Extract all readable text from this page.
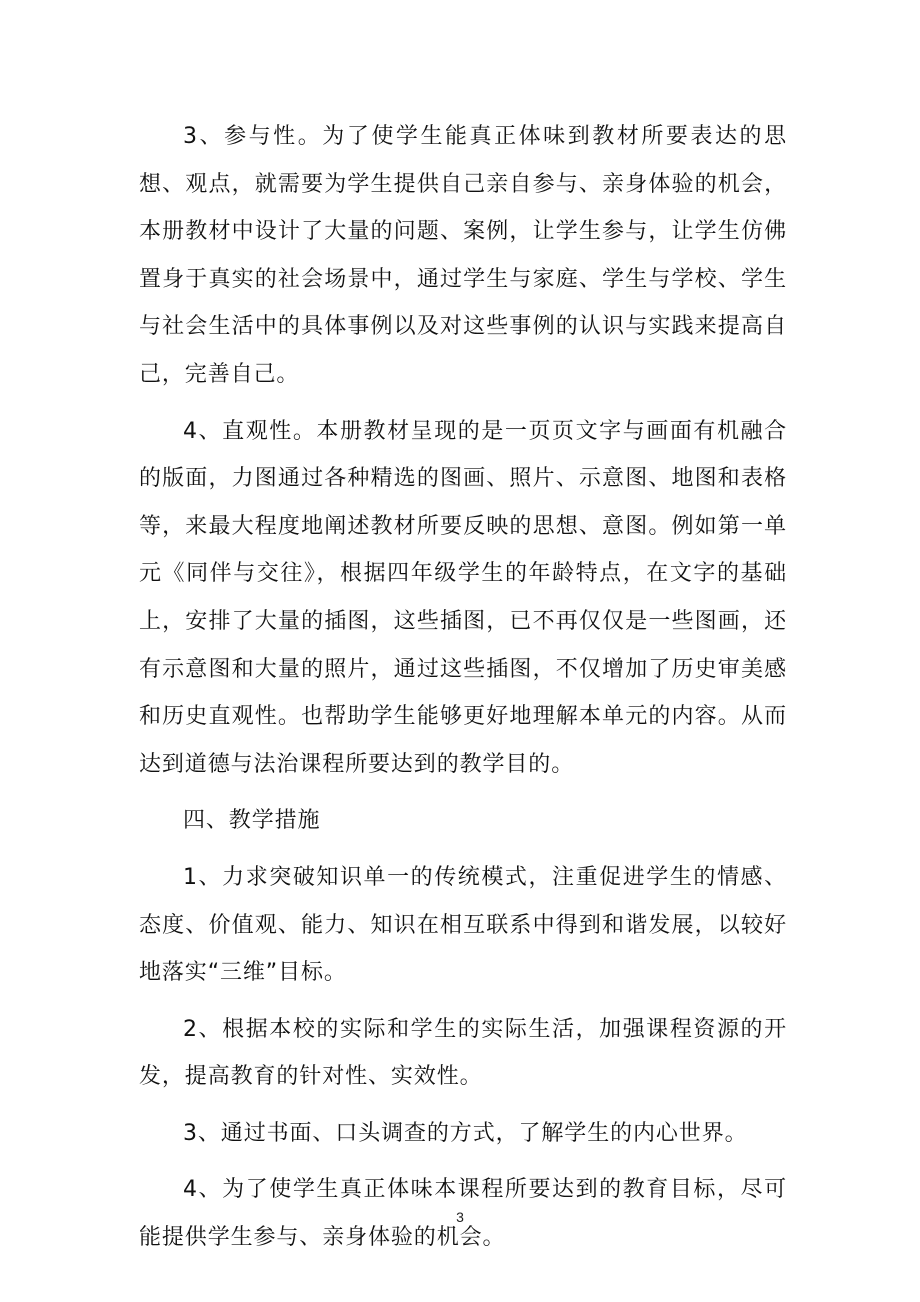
3、参与性。为了使学生能真正体味到教材所要表达的思想、观点，就需要为学生提供自己亲自参与、亲身体验的机会，本册教材中设计了大量的问题、案例，让学生参与，让学生仿佛置身于真实的社会场景中，通过学生与家庭、学生与学校、学生与社会生活中的具体事例以及对这些事例的认识与实践来提高自己，完善自己。

4、直观性。本册教材呈现的是一页页文字与画面有机融合的版面，力图通过各种精选的图画、照片、示意图、地图和表格等，来最大程度地阐述教材所要反映的思想、意图。例如第一单元《同伴与交往》，根据四年级学生的年龄特点，在文字的基础上，安排了大量的插图，这些插图，已不再仅仅是一些图画，还有示意图和大量的照片，通过这些插图，不仅增加了历史审美感和历史直观性。也帮助学生能够更好地理解本单元的内容。从而达到道德与法治课程所要达到的教学目的。

四、教学措施

1、力求突破知识单一的传统模式，注重促进学生的情感、态度、价值观、能力、知识在相互联系中得到和谐发展，以较好地落实“三维”目标。

2、根据本校的实际和学生的实际生活，加强课程资源的开发，提高教育的针对性、实效性。

3、通过书面、口头调查的方式，了解学生的内心世界。

4、为了使学生真正体味本课程所要达到的教育目标，尽可能提供学生参与、亲身体验的机会。

3
